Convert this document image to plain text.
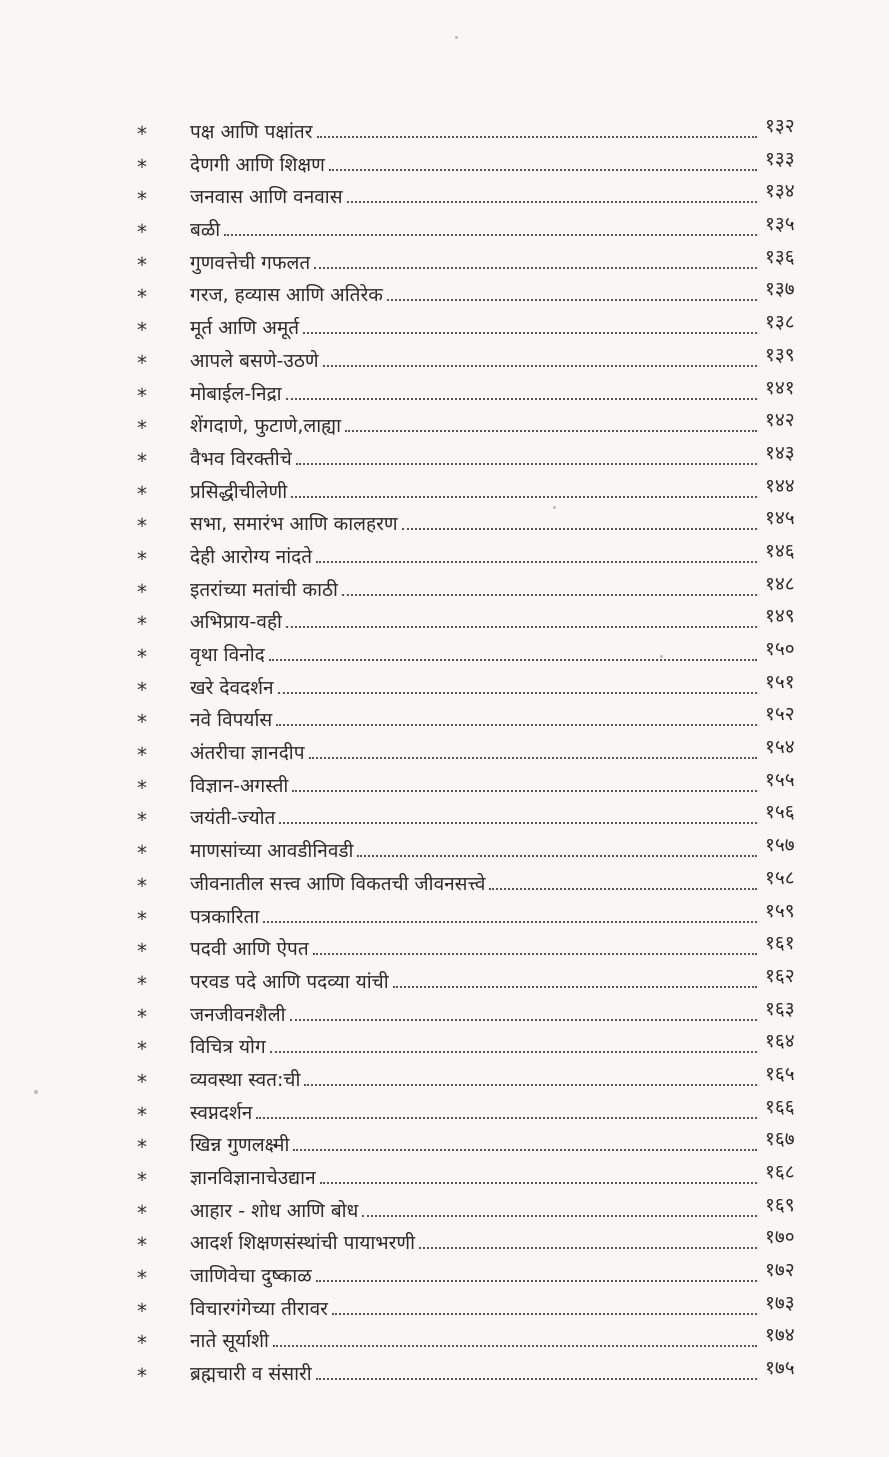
*	पक्ष आणि पक्षांतर	१३२
*	देणगी आणि शिक्षण	१३३
*	जनवास आणि वनवास	१३४
*	बळी	१३५
*	गुणवत्तेची गफलत	१३६
*	गरज, हव्यास आणि अतिरेक	१३७
*	मूर्त आणि अमूर्त	१३८
*	आपले बसणे-उठणे	१३९
*	मोबाईल-निद्रा	१४१
*	शेंगदाणे, फुटाणे,लाह्या	१४२
*	वैभव विरक्तीचे	१४३
*	प्रसिद्धीचीलेणी	१४४
*	सभा, समारंभ आणि कालहरण	१४५
*	देही आरोग्य नांदते	१४६
*	इतरांच्या मतांची काठी	१४८
*	अभिप्राय-वही	१४९
*	वृथा विनोद	१५०
*	खरे देवदर्शन	१५१
*	नवे विपर्यास	१५२
*	अंतरीचा ज्ञानदीप	१५४
*	विज्ञान-अगस्ती	१५५
*	जयंती-ज्योत	१५६
*	माणसांच्या आवडीनिवडी	१५७
*	जीवनातील सत्त्व आणि विकतची जीवनसत्त्वे	१५८
*	पत्रकारिता	१५९
*	पदवी आणि ऐपत	१६१
*	परवड पदे आणि पदव्या यांची	१६२
*	जनजीवनशैली	१६३
*	विचित्र योग	१६४
*	व्यवस्था स्वत:ची	१६५
*	स्वप्नदर्शन	१६६
*	खिन्न गुणलक्ष्मी	१६७
*	ज्ञानविज्ञानाचेउद्यान	१६८
*	आहार - शोध आणि बोध	१६९
*	आदर्श शिक्षणसंस्थांची पायाभरणी	१७०
*	जाणिवेचा दुष्काळ	१७२
*	विचारगंगेच्या तीरावर	१७३
*	नाते सूर्याशी	१७४
*	ब्रह्मचारी व संसारी	१७५
